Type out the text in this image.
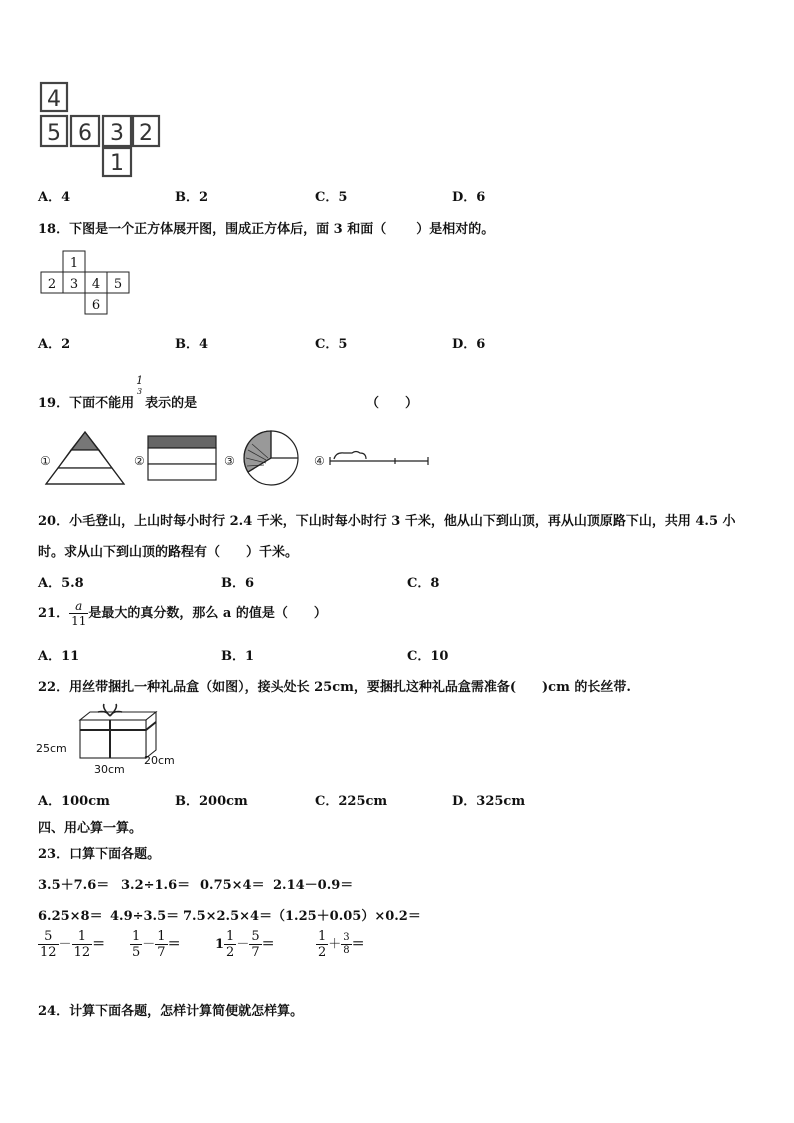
4
5 6 3 2
1
A．4	B．2	C．5	D．6
18．下图是一个正方体展开图，围成正方体后，面 3 和面（ ）是相对的。
1
2 3 4 5
6
A．2	B．4	C．5	D．6
19．下面不能用
1
3
表示的是	（　　）
①	②	③	④
20．小毛登山，上山时每小时行 2.4 千米，下山时每小时行 3 千米，他从山下到山顶，再从山顶原路下山，共用 4.5 小
时。求从山下到山顶的路程有（　　）千米。
A．5.8	B．6	C．8
21． $\frac{a}{11}$ 是最大的真分数，那么 a 的值是（　　）
A．11	B．1	C．10
22．用丝带捆扎一种礼品盒（如图），接头处长 25cm，要捆扎这种礼品盒需准备(　　)cm 的长丝带.
25cm
30cm
20cm
A．100cm	B．200cm	C．225cm	D．325cm
四、用心算一算。
23．口算下面各题。
3.5＋7.6＝ 3.2÷1.6＝ 0.75×4＝ 2.14－0.9＝
6.25×8＝ 4.9÷3.5＝ 7.5×2.5×4＝ （1.25＋0.05）×0.2＝
$\frac{5}{12} - \frac{1}{12} = \frac{1}{5} - \frac{1}{7}$ ＝	$1 \frac{1}{2} - \frac{5}{7}$ ＝	$\frac{1}{2} + \frac{3}{8}$ ＝
24．计算下面各题，怎样计算简便就怎样算。
